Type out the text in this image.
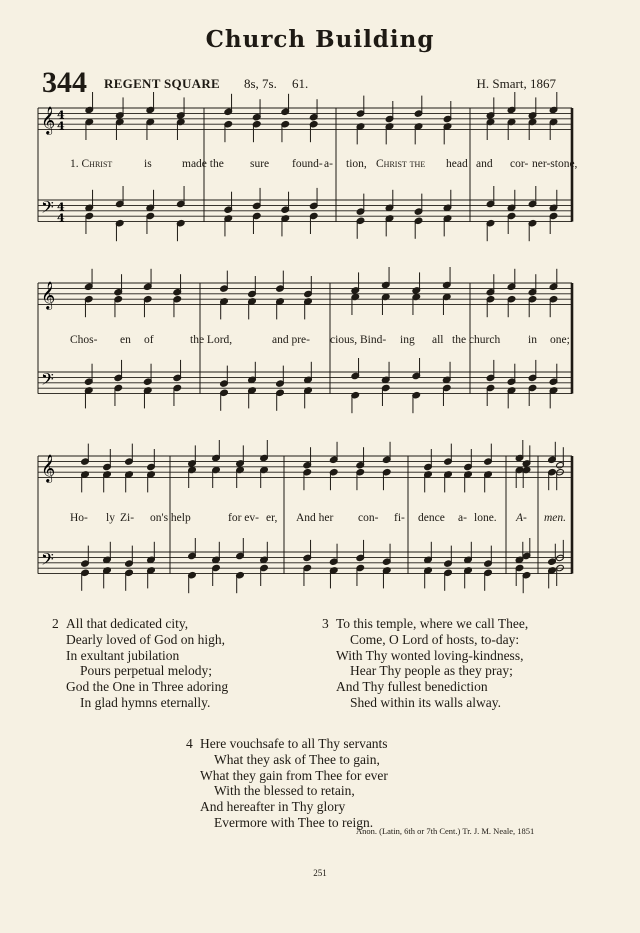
Church Building
344 REGENT SQUARE 8s, 7s. 61.	H. Smart, 1867
𝄞
𝄢
4
4
4
4
𝄞
𝄢
𝄞
𝄢
1. Christ	is	made the sure found- a- tion, Christ the head and cor- ner-stone,
Chos- en of	the Lord,	and pre- cious, Bind- ing all the church in one;
Ho- ly Zi- on's help	for ev- er, And her con- fi- dence a- lone. A- men.
2 All that dedicated city,
Dearly loved of God on high,
In exultant jubilation
Pours perpetual melody;
God the One in Three adoring
In glad hymns eternally.
3 To this temple, where we call Thee,
Come, O Lord of hosts, to-day:
With Thy wonted loving-kindness,
Hear Thy people as they pray;
And Thy fullest benediction
Shed within its walls alway.
4 Here vouchsafe to all Thy servants
What they ask of Thee to gain,
What they gain from Thee for ever
With the blessed to retain,
And hereafter in Thy glory
Evermore with Thee to reign.
Anon. (Latin, 6th or 7th Cent.) Tr. J. M. Neale, 1851
251
